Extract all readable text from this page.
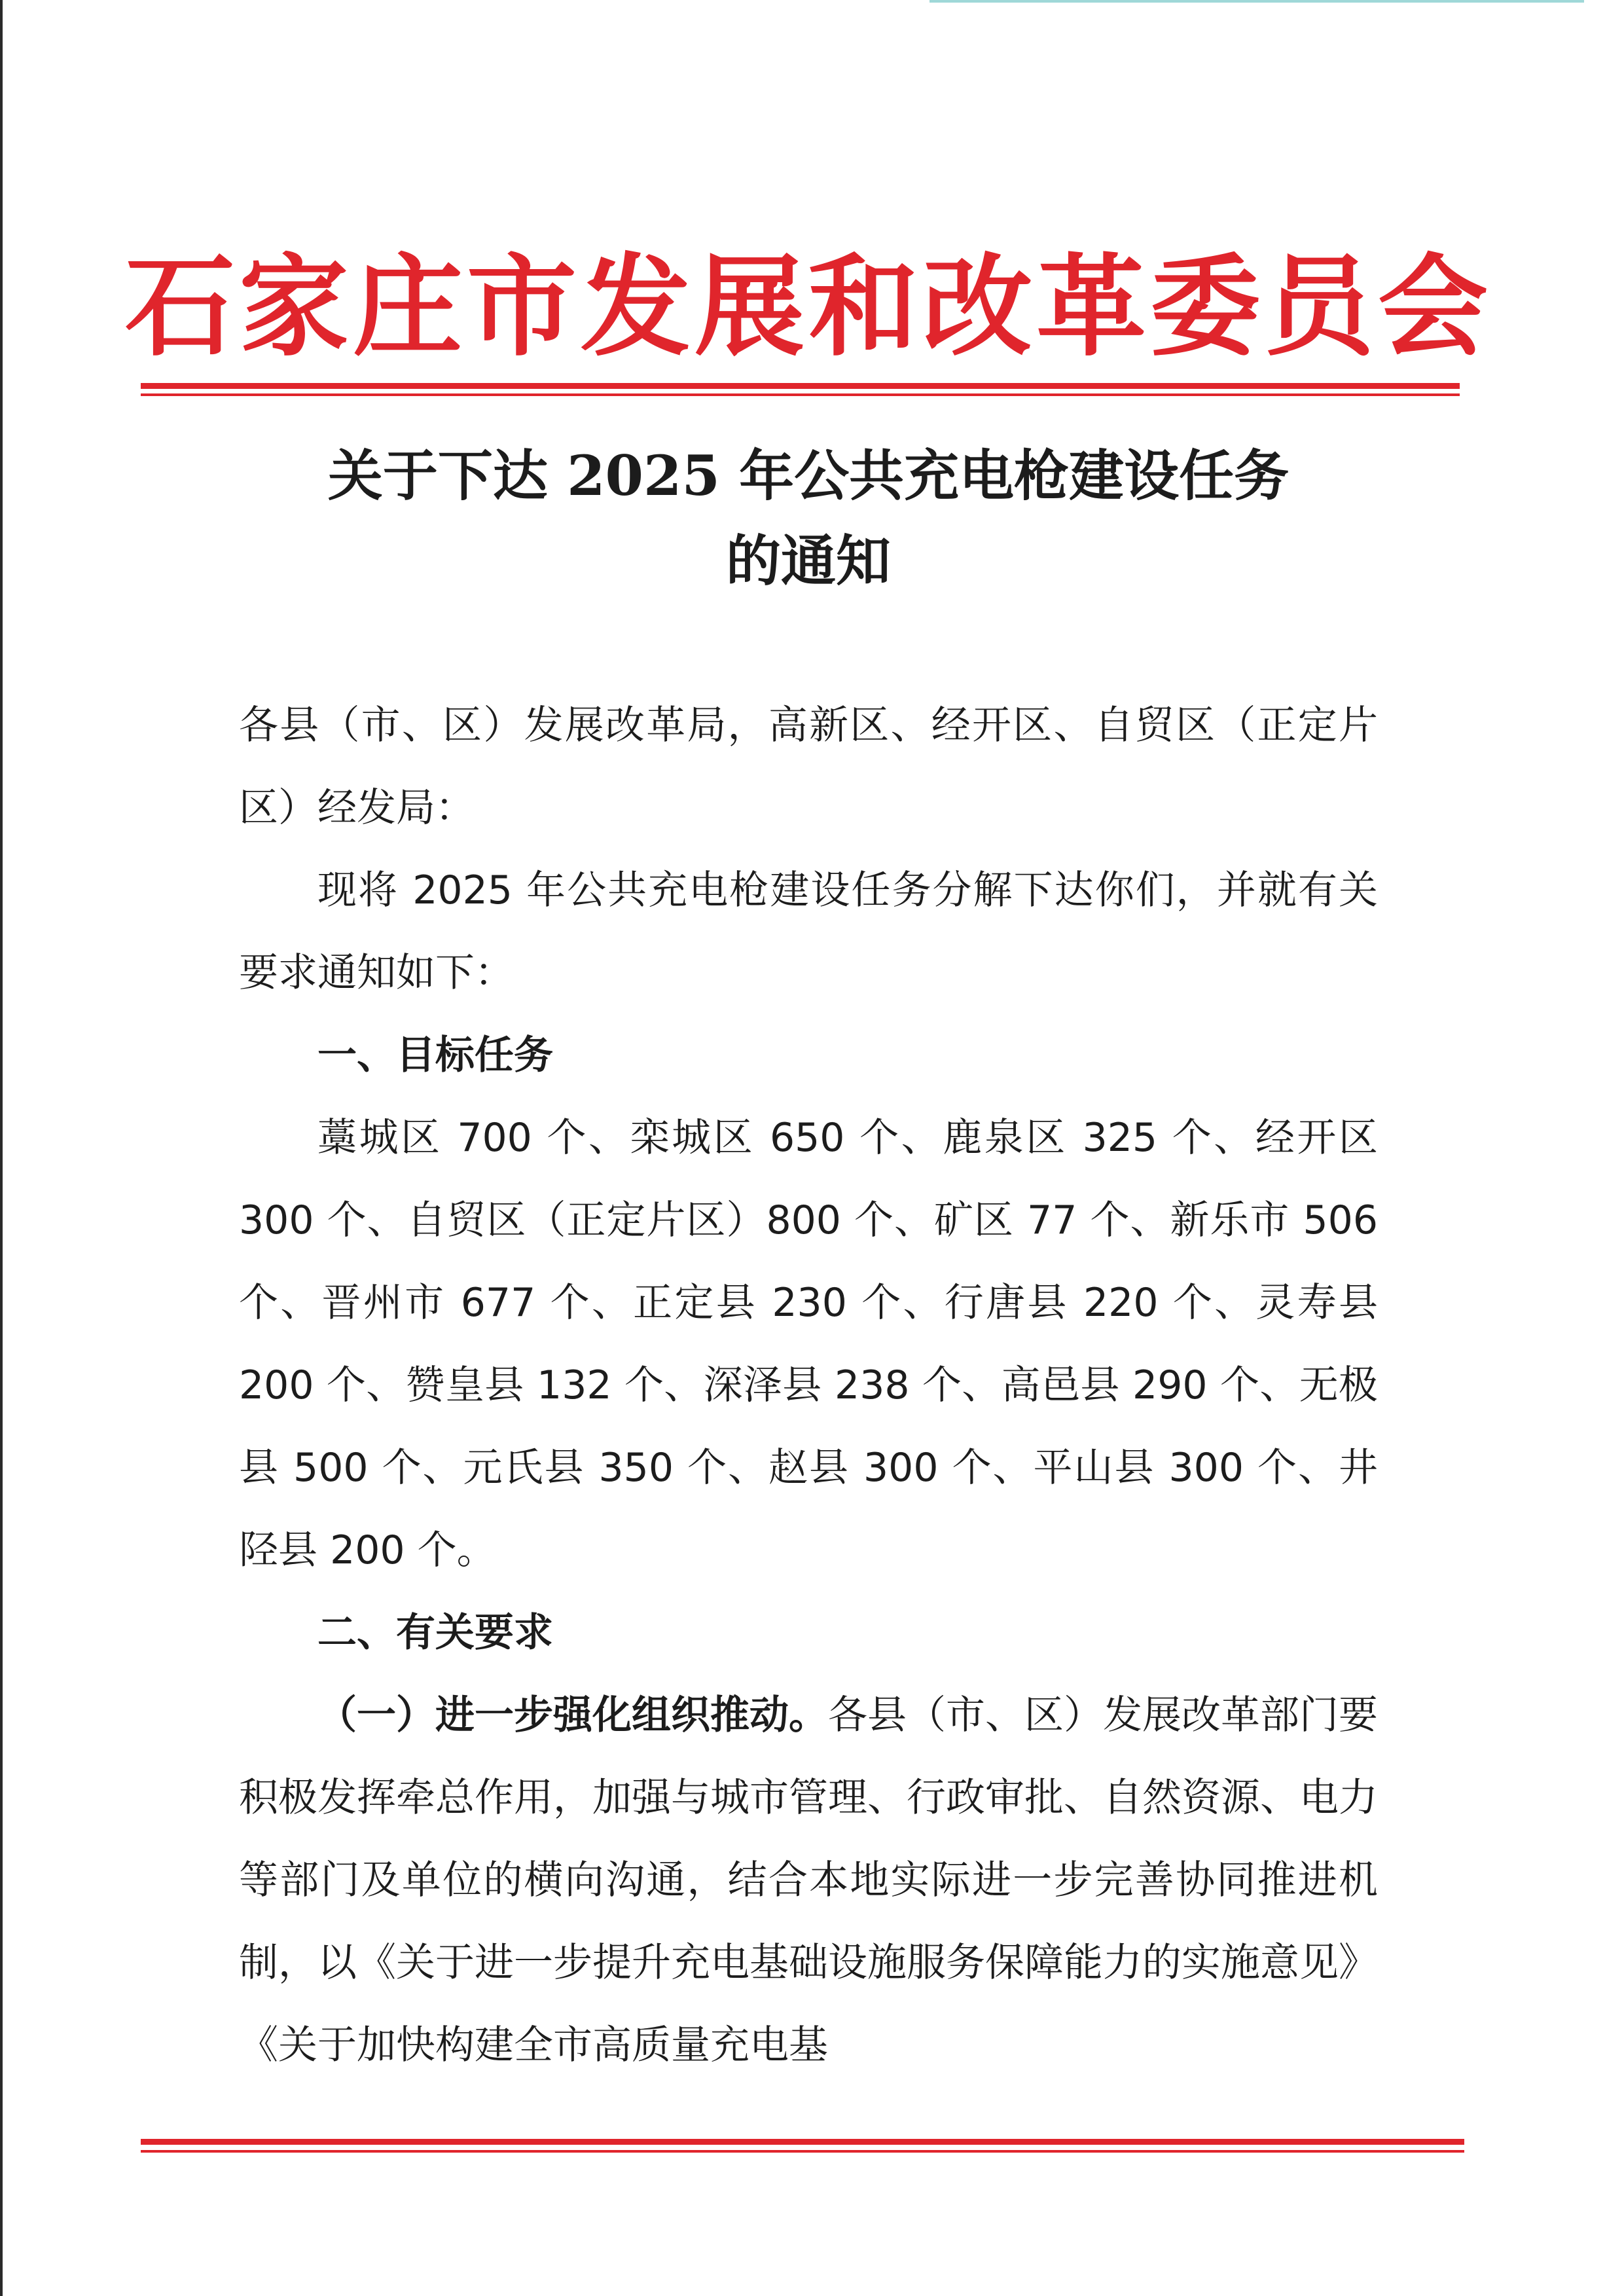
石家庄市发展和改革委员会
关于下达 2025 年公共充电枪建设任务
的通知

各县（市、区）发展改革局，高新区、经开区、自贸区（正定片区）经发局：

现将 2025 年公共充电枪建设任务分解下达你们，并就有关要求通知如下：

一、目标任务

藁城区 700 个、栾城区 650 个、鹿泉区 325 个、经开区 300 个、自贸区（正定片区）800 个、矿区 77 个、新乐市 506 个、晋州市 677 个、正定县 230 个、行唐县 220 个、灵寿县 200 个、赞皇县 132 个、深泽县 238 个、高邑县 290 个、无极县 500 个、元氏县 350 个、赵县 300 个、平山县 300 个、井陉县 200 个。

二、有关要求

（一）进一步强化组织推动。各县（市、区）发展改革部门要积极发挥牵总作用，加强与城市管理、行政审批、自然资源、电力等部门及单位的横向沟通，结合本地实际进一步完善协同推进机制，以《关于进一步提升充电基础设施服务保障能力的实施意见》《关于加快构建全市高质量充电基
